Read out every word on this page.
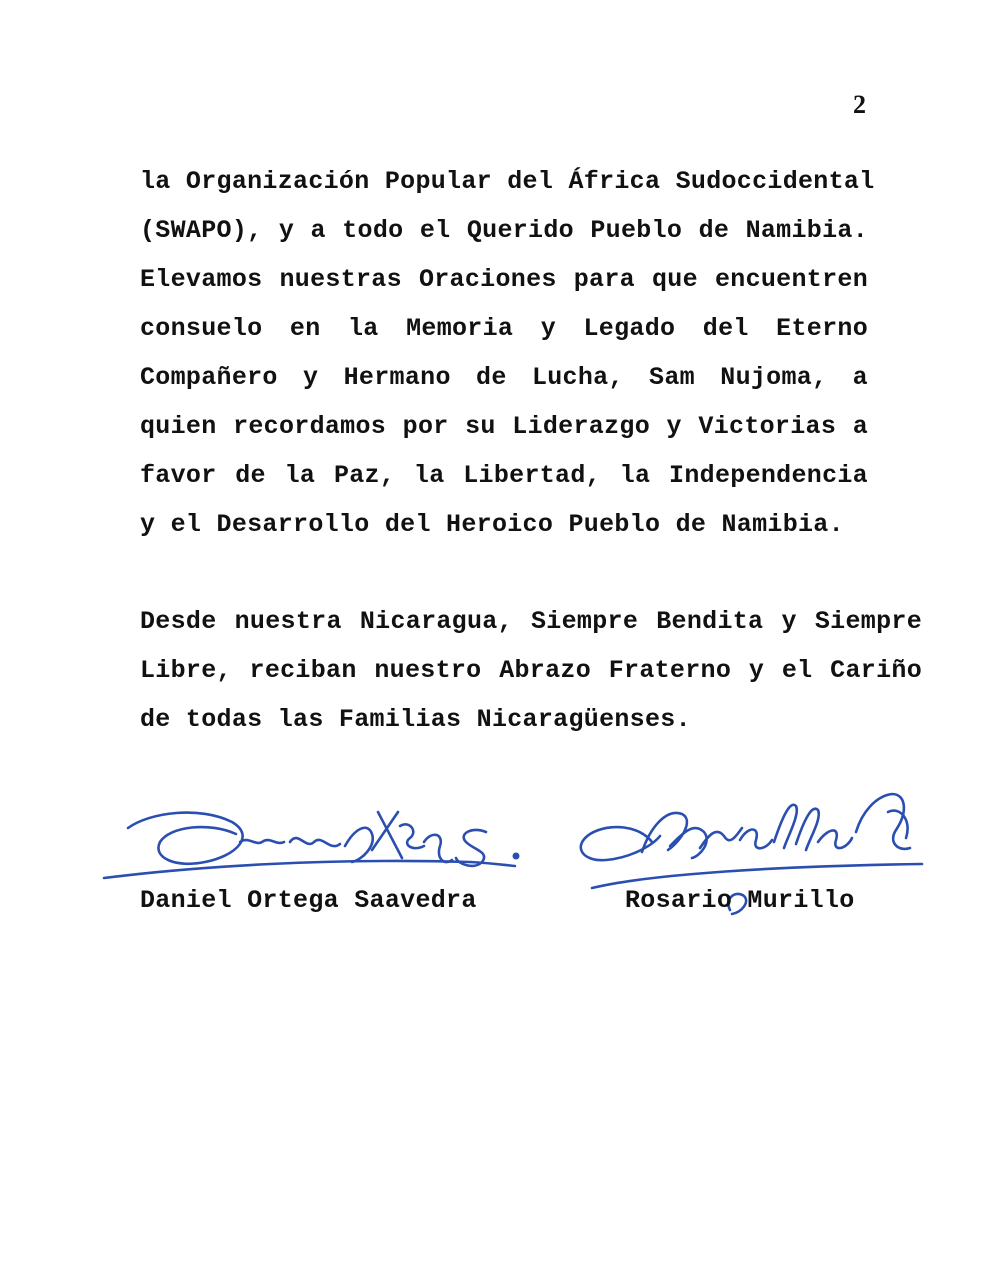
2
la Organización Popular del África Sudoccidental
(SWAPO), y a todo el Querido Pueblo de Namibia.
Elevamos nuestras Oraciones para que encuentren
consuelo en la Memoria y Legado del Eterno
Compañero y Hermano de Lucha, Sam Nujoma, a
quien recordamos por su Liderazgo y Victorias a
favor de la Paz, la Libertad, la Independencia
y el Desarrollo del Heroico Pueblo de Namibia.
Desde nuestra Nicaragua, Siempre Bendita y Siempre
Libre, reciban nuestro Abrazo Fraterno y el Cariño
de todas las Familias Nicaragüenses.
Daniel Ortega Saavedra	Rosario Murillo
